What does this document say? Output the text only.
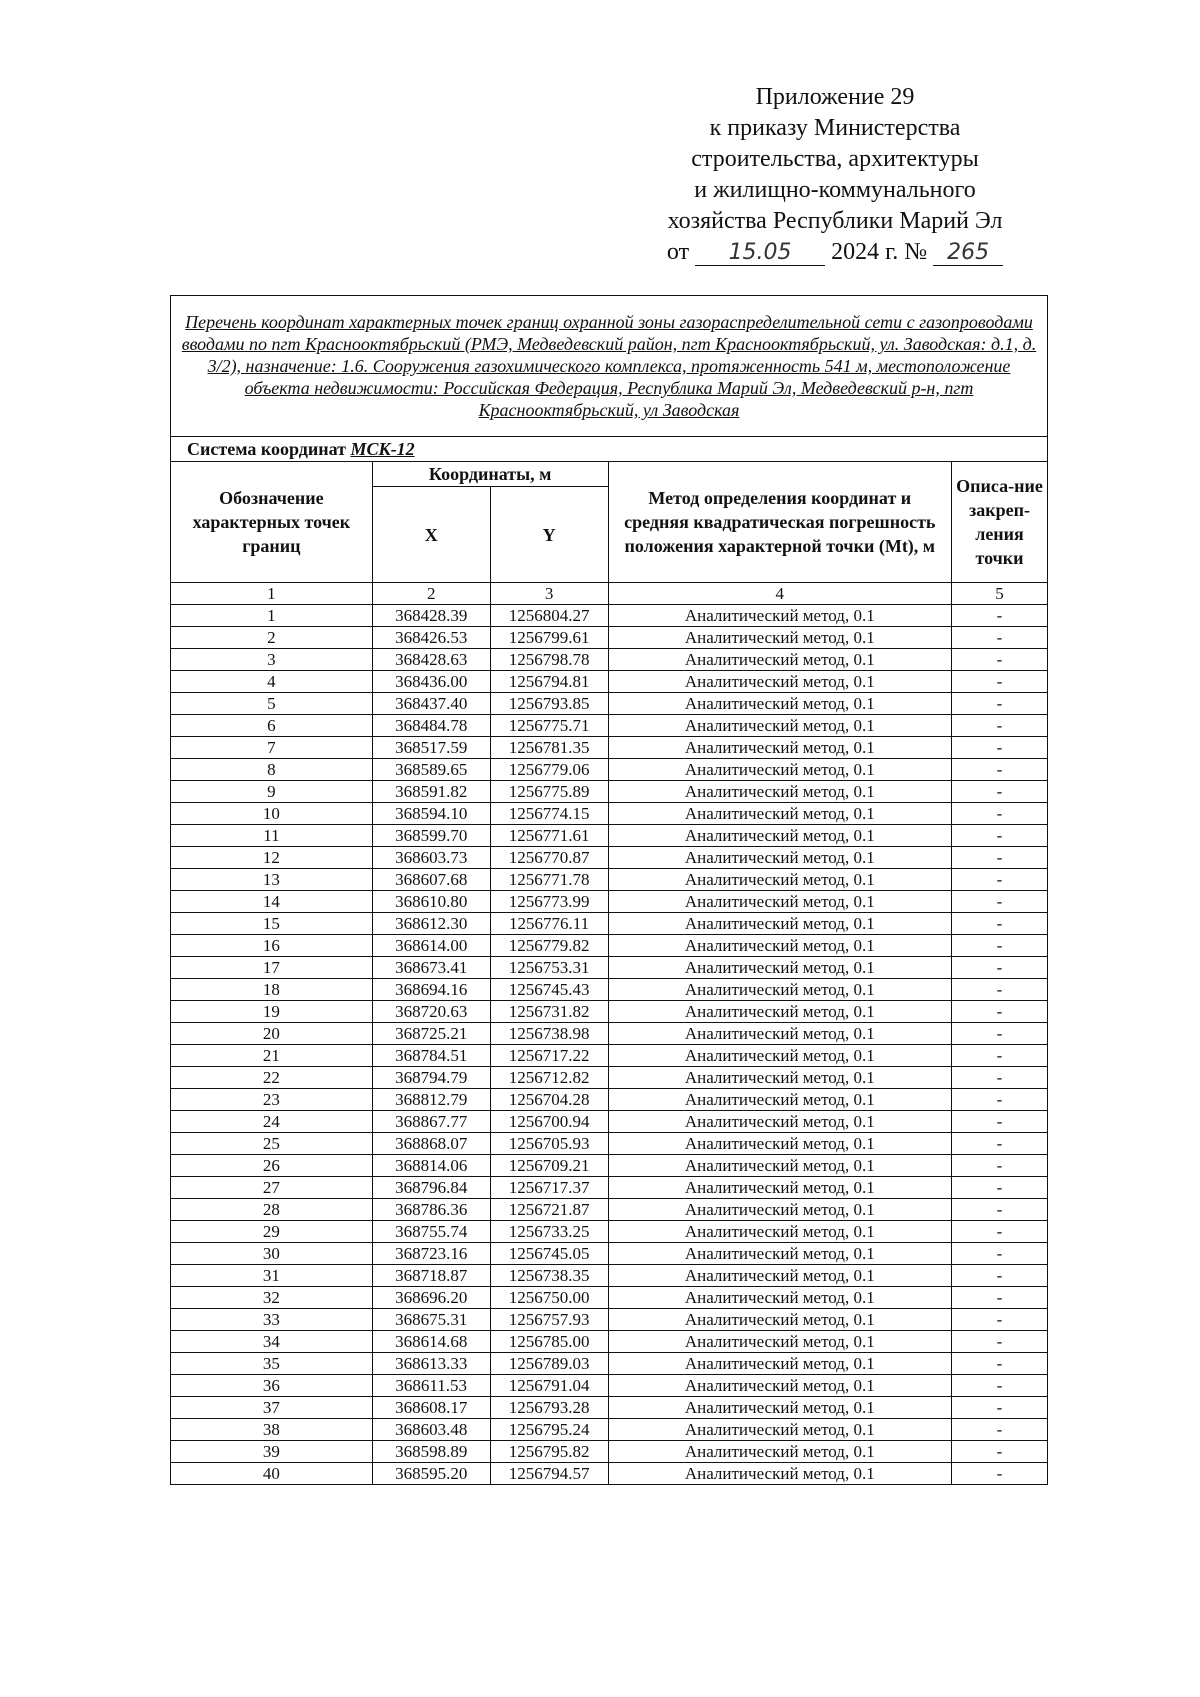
Приложение 29
к приказу Министерства
строительства, архитектуры
и жилищно-коммунального
хозяйства Республики Марий Эл
от 15.05 2024 г. № 265
Перечень координат характерных точек границ охранной зоны газораспределительной сети с газопроводами вводами по пгт Краснооктябрьский (РМЭ, Медведевский район, пгт Краснооктябрьский, ул. Заводская: д.1, д. 3/2), назначение: 1.6. Сооружения газохимического комплекса, протяженность 541 м, местоположение объекта недвижимости: Российская Федерация, Республика Марий Эл, Медведевский р-н, пгт Краснооктябрьский, ул Заводская				
Система координат МСК-12				
Обозначение характерных точек границ	Координаты, м		Метод определения координат и средняя квадратическая погрешность положения характерной точки (Mt), м	Описа-ние закреп-ления точки
	X	Y		
1	2	3	4	5
1	368428.39	1256804.27	Аналитический метод, 0.1	-
2	368426.53	1256799.61	Аналитический метод, 0.1	-
3	368428.63	1256798.78	Аналитический метод, 0.1	-
4	368436.00	1256794.81	Аналитический метод, 0.1	-
5	368437.40	1256793.85	Аналитический метод, 0.1	-
6	368484.78	1256775.71	Аналитический метод, 0.1	-
7	368517.59	1256781.35	Аналитический метод, 0.1	-
8	368589.65	1256779.06	Аналитический метод, 0.1	-
9	368591.82	1256775.89	Аналитический метод, 0.1	-
10	368594.10	1256774.15	Аналитический метод, 0.1	-
11	368599.70	1256771.61	Аналитический метод, 0.1	-
12	368603.73	1256770.87	Аналитический метод, 0.1	-
13	368607.68	1256771.78	Аналитический метод, 0.1	-
14	368610.80	1256773.99	Аналитический метод, 0.1	-
15	368612.30	1256776.11	Аналитический метод, 0.1	-
16	368614.00	1256779.82	Аналитический метод, 0.1	-
17	368673.41	1256753.31	Аналитический метод, 0.1	-
18	368694.16	1256745.43	Аналитический метод, 0.1	-
19	368720.63	1256731.82	Аналитический метод, 0.1	-
20	368725.21	1256738.98	Аналитический метод, 0.1	-
21	368784.51	1256717.22	Аналитический метод, 0.1	-
22	368794.79	1256712.82	Аналитический метод, 0.1	-
23	368812.79	1256704.28	Аналитический метод, 0.1	-
24	368867.77	1256700.94	Аналитический метод, 0.1	-
25	368868.07	1256705.93	Аналитический метод, 0.1	-
26	368814.06	1256709.21	Аналитический метод, 0.1	-
27	368796.84	1256717.37	Аналитический метод, 0.1	-
28	368786.36	1256721.87	Аналитический метод, 0.1	-
29	368755.74	1256733.25	Аналитический метод, 0.1	-
30	368723.16	1256745.05	Аналитический метод, 0.1	-
31	368718.87	1256738.35	Аналитический метод, 0.1	-
32	368696.20	1256750.00	Аналитический метод, 0.1	-
33	368675.31	1256757.93	Аналитический метод, 0.1	-
34	368614.68	1256785.00	Аналитический метод, 0.1	-
35	368613.33	1256789.03	Аналитический метод, 0.1	-
36	368611.53	1256791.04	Аналитический метод, 0.1	-
37	368608.17	1256793.28	Аналитический метод, 0.1	-
38	368603.48	1256795.24	Аналитический метод, 0.1	-
39	368598.89	1256795.82	Аналитический метод, 0.1	-
40	368595.20	1256794.57	Аналитический метод, 0.1	-
